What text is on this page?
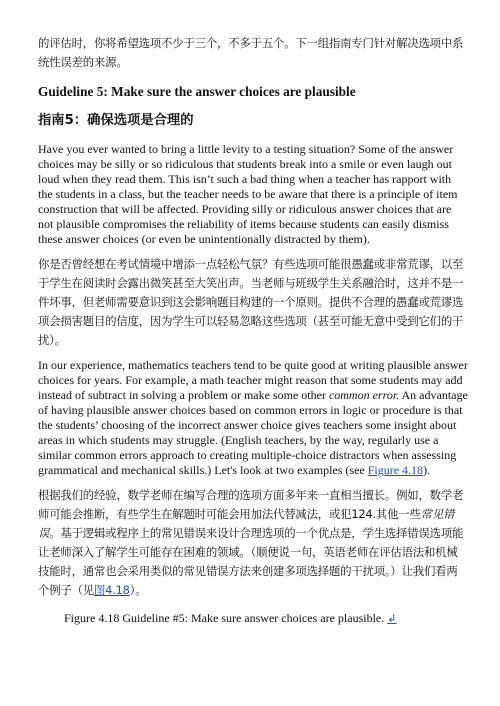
的评估时，你将希望选项不少于三个，不多于五个。下一组指南专门针对解决选项中系统性误差的来源。

Guideline 5: Make sure the answer choices are plausible

指南5：确保选项是合理的

Have you ever wanted to bring a little levity to a testing situation? Some of the answer choices may be silly or so ridiculous that students break into a smile or even laugh out loud when they read them. This isn’t such a bad thing when a teacher has rapport with the students in a class, but the teacher needs to be aware that there is a principle of item construction that will be affected. Providing silly or ridiculous answer choices that are not plausible compromises the reliability of items because students can easily dismiss these answer choices (or even be unintentionally distracted by them).

你是否曾经想在考试情境中增添一点轻松气氛？有些选项可能很愚蠢或非常荒谬，以至于学生在阅读时会露出微笑甚至大笑出声。当老师与班级学生关系融洽时，这并不是一件坏事，但老师需要意识到这会影响题目构建的一个原则。提供不合理的愚蠢或荒谬选项会损害题目的信度，因为学生可以轻易忽略这些选项（甚至可能无意中受到它们的干扰）。

In our experience, mathematics teachers tend to be quite good at writing plausible answer choices for years. For example, a math teacher might reason that some students may add instead of subtract in solving a problem or make some other common error. An advantage of having plausible answer choices based on common errors in logic or procedure is that the students’ choosing of the incorrect answer choice gives teachers some insight about areas in which students may struggle. (English teachers, by the way, regularly use a similar common errors approach to creating multiple-choice distractors when assessing grammatical and mechanical skills.) Let's look at two examples (see Figure 4.18).

根据我们的经验，数学老师在编写合理的选项方面多年来一直相当擅长。例如，数学老师可能会推断，有些学生在解题时可能会用加法代替减法，或犯124.其他一些常见错误。基于逻辑或程序上的常见错误来设计合理选项的一个优点是，学生选择错误选项能让老师深入了解学生可能存在困难的领域。（顺便说一句，英语老师在评估语法和机械技能时，通常也会采用类似的常见错误方法来创建多项选择题的干扰项。）让我们看两个例子（见图4.18）。

Figure 4.18 Guideline #5: Make sure answer choices are plausible. ↲
